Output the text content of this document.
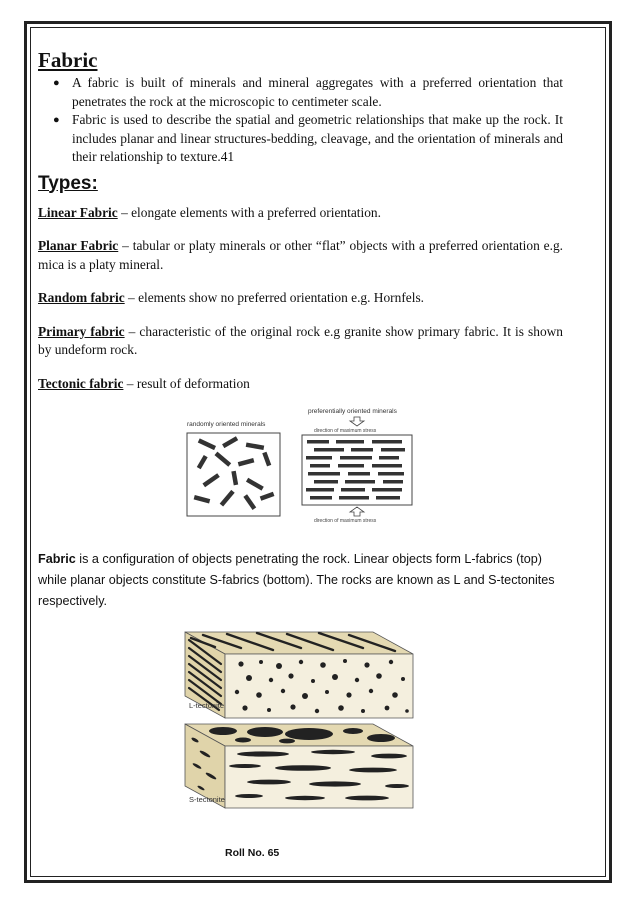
Fabric
● A fabric is built of minerals and mineral aggregates with a preferred orientation that penetrates the rock at the microscopic to centimeter scale.
● Fabric is used to describe the spatial and geometric relationships that make up the rock. It includes planar and linear structures-bedding, cleavage, and the orientation of minerals and their relationship to texture.41
Types:

Linear Fabric – elongate elements with a preferred orientation.

Planar Fabric – tabular or platy minerals or other “flat” objects with a preferred orientation e.g. mica is a platy mineral.

Random fabric – elements show no preferred orientation e.g. Hornfels.

Primary fabric – characteristic of the original rock e.g granite show primary fabric. It is shown by undeform rock.

Tectonic fabric – result of deformation

randomly oriented minerals
preferentially oriented minerals
direction of maximum stress
direction of maximum stress

Fabric is a configuration of objects penetrating the rock. Linear objects form L-fabrics (top) while planar objects constitute S-fabrics (bottom). The rocks are known as L and S-tectonites respectively.

L-tectonite
S-tectonite
Roll No. 65
